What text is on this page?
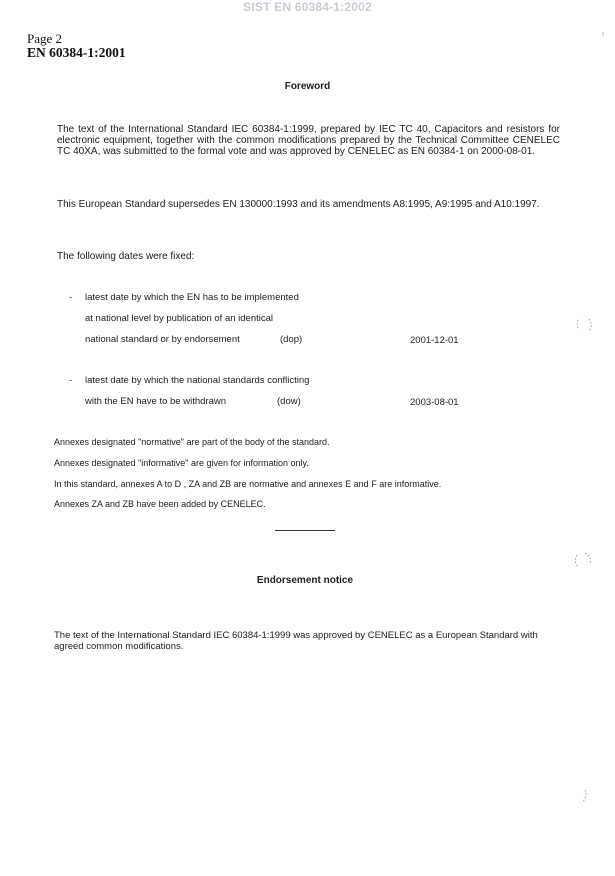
SIST EN 60384-1:2002
Page 2
EN 60384-1:2001
Foreword
The text of the International Standard IEC 60384-1:1999, prepared by IEC TC 40, Capacitors and resistors for electronic equipment, together with the common modifications prepared by the Technical Committee CENELEC TC 40XA, was submitted to the formal vote and was approved by CENELEC as EN 60384-1 on 2000-08-01.
This European Standard supersedes EN 130000:1993 and its amendments A8:1995, A9:1995 and A10:1997.
The following dates were fixed:
- latest date by which the EN has to be implemented
at national level by publication of an identical
national standard or by endorsement	(dop)	2001-12-01
- latest date by which the national standards conflicting
with the EN have to be withdrawn	(dow)	2003-08-01
Annexes designated "normative" are part of the body of the standard.
Annexes designated "informative" are given for information only.
In this standard, annexes A to D , ZA and ZB are normative and annexes E and F are informative.
Annexes ZA and ZB have been added by CENELEC.
Endorsement notice
The text of the International Standard IEC 60384-1:1999 was approved by CENELEC as a European Standard with agreed common modifications.
